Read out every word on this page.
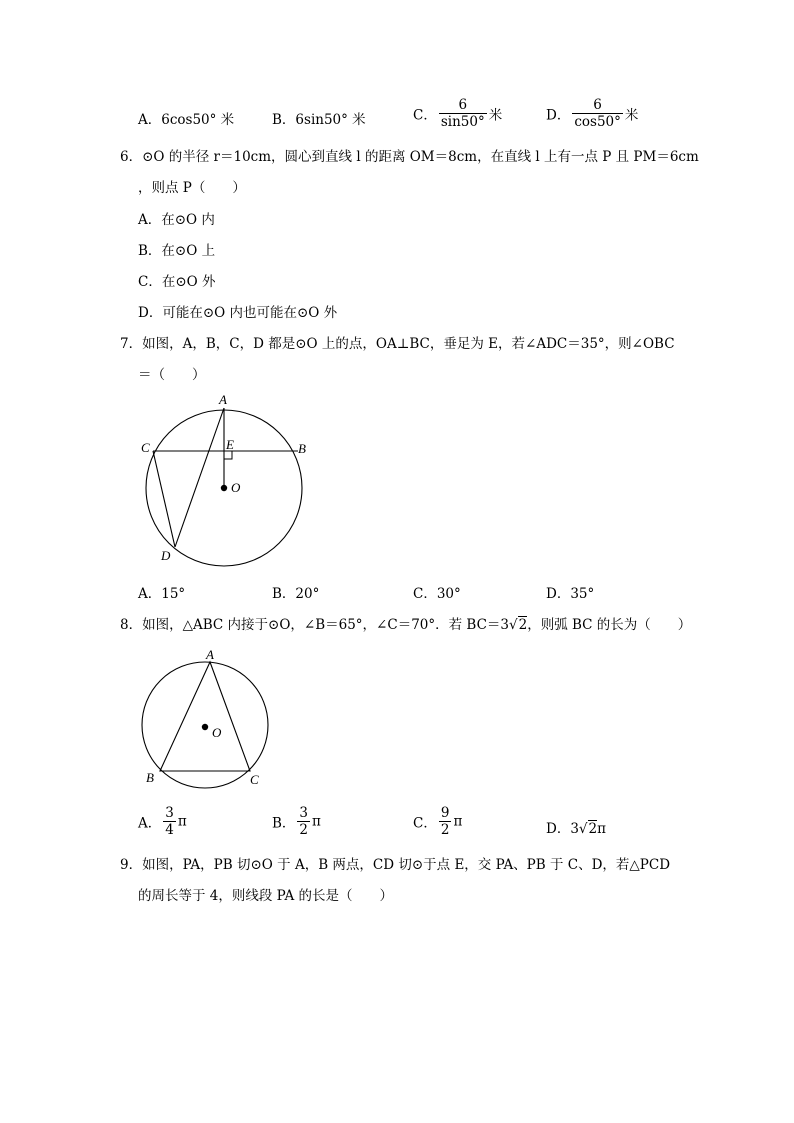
A．6cos50° 米	B．6sin50° 米	C． $\frac{6}{\sin 50^\circ}$ 米	D． $\frac{6}{\cos 50^\circ}$ 米
6．⊙O 的半径 r＝10cm，圆心到直线 l 的距离 OM＝8cm，在直线 l 上有一点 P 且 PM＝6cm
，则点 P（　　）
A．在⊙O 内
B．在⊙O 上
C．在⊙O 外
D．可能在⊙O 内也可能在⊙O 外
7．如图，A，B，C，D 都是⊙O 上的点，OA⊥BC，垂足为 E，若∠ADC＝35°，则∠OBC
＝（　　）
A
C	B
E
O
D
A．15°	B．20°	C．30°	D．35°
8．如图，△ABC 内接于⊙O，∠B＝65°，∠C＝70°．若 BC＝3√2，则弧 BC 的长为（　　）
A
B	C
O
A． $\frac{3}{4}$ π	B． $\frac{3}{2}$ π	C． $\frac{9}{2}$ π	D．3√2π
9．如图，PA，PB 切⊙O 于 A，B 两点，CD 切⊙于点 E，交 PA、PB 于 C、D，若△PCD
的周长等于 4，则线段 PA 的长是（　　）
